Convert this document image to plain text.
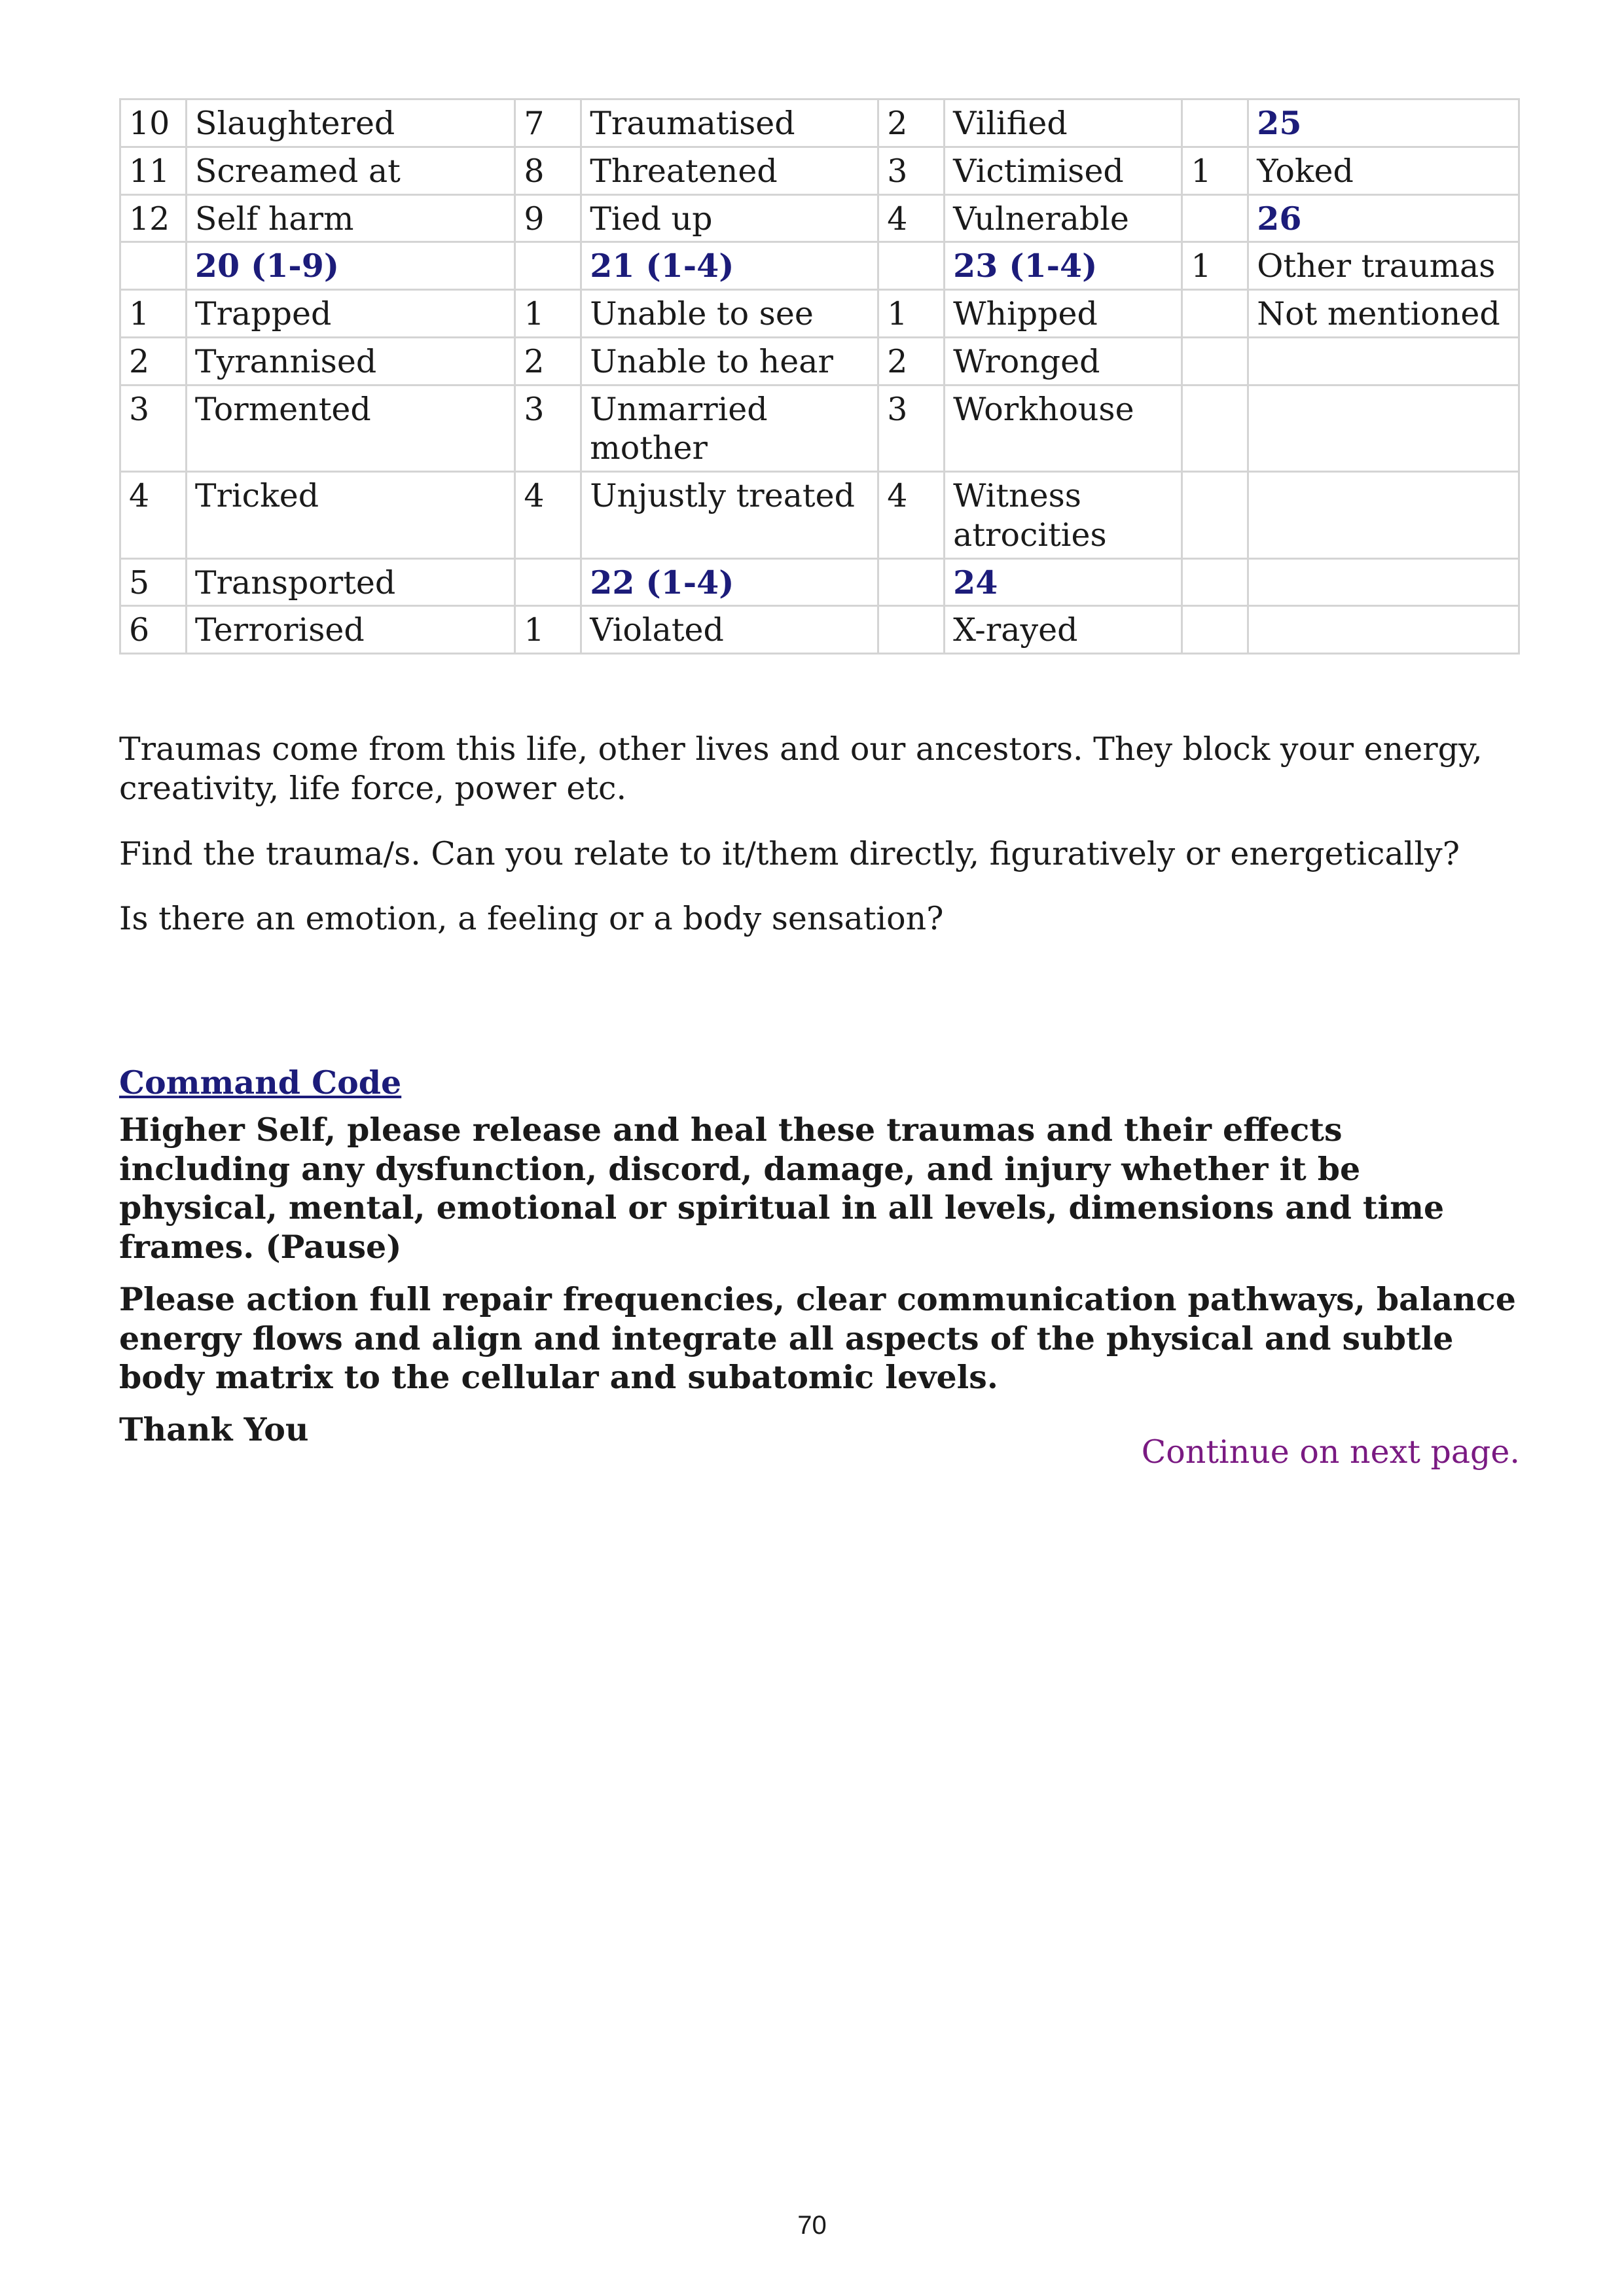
10	Slaughtered	7	Traumatised	2	Vilified		25
11	Screamed at	8	Threatened	3	Victimised	1	Yoked
12	Self harm	9	Tied up	4	Vulnerable		26
	20 (1-9)		21 (1-4)		23 (1-4)	1	Other traumas
1	Trapped	1	Unable to see	1	Whipped		Not mentioned
2	Tyrannised	2	Unable to hear	2	Wronged		
3	Tormented	3	Unmarried mother	3	Workhouse		
4	Tricked	4	Unjustly treated	4	Witness atrocities		
5	Transported		22 (1-4)		24		
6	Terrorised	1	Violated		X-rayed		

Traumas come from this life, other lives and our ancestors. They block your energy, creativity, life force, power etc.

Find the trauma/s. Can you relate to it/them directly, figuratively or energetically?

Is there an emotion, a feeling or a body sensation?

Command Code
Higher Self, please release and heal these traumas and their effects including any dysfunction, discord, damage, and injury whether it be physical, mental, emotional or spiritual in all levels, dimensions and time frames. (Pause)
Please action full repair frequencies, clear communication pathways, balance energy flows and align and integrate all aspects of the physical and subtle body matrix to the cellular and subatomic levels.
Thank You
Continue on next page.
70
